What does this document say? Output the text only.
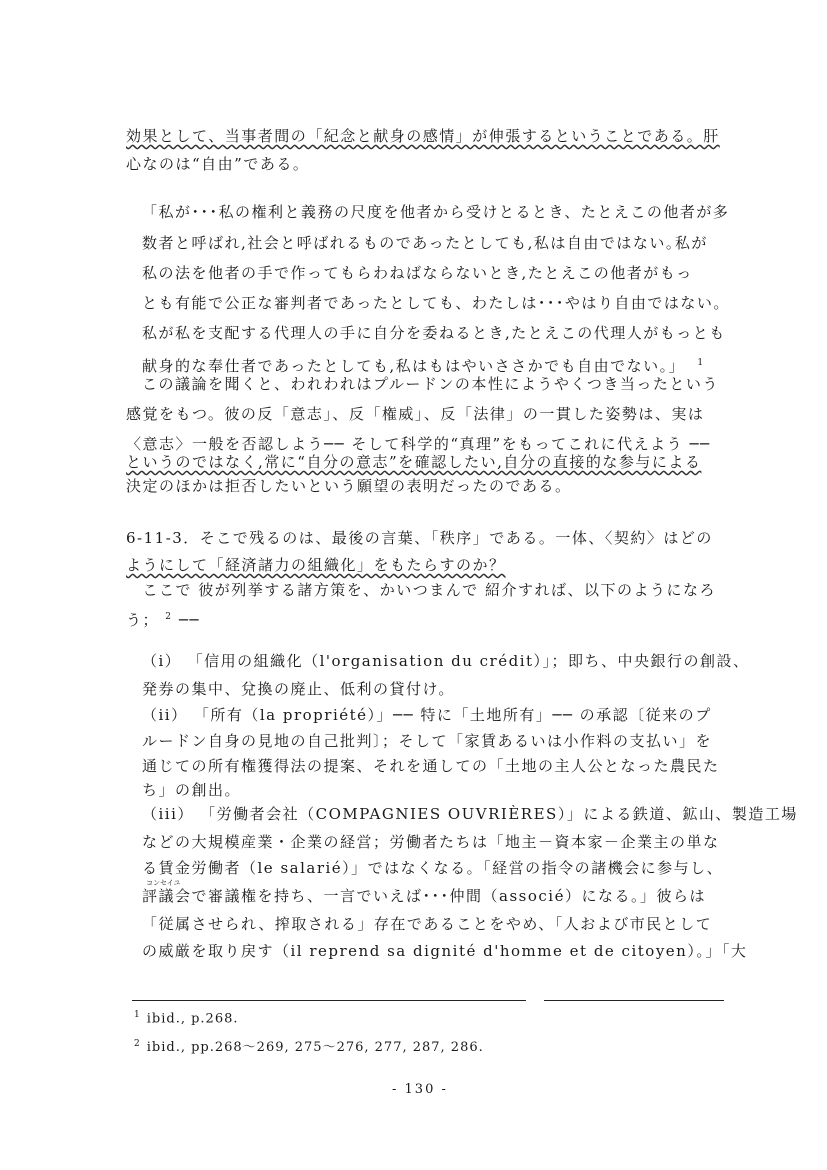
効果として、当事者間の「紀念と献身の感情」が伸張するということである。肝
心なのは“自由”である。
「私が･･･私の権利と義務の尺度を他者から受けとるとき、たとえこの他者が多
数者と呼ばれ,社会と呼ばれるものであったとしても,私は自由ではない｡私が
私の法を他者の手で作ってもらわねばならないとき,たとえこの他者がもっ
とも有能で公正な審判者であったとしても、わたしは･･･やはり自由ではない。
私が私を支配する代理人の手に自分を委ねるとき,たとえこの代理人がもっとも
献身的な奉仕者であったとしても,私はもはやいささかでも自由でない。」 $^1$
この議論を聞くと、われわれはプルードンの本性にようやくつき当ったという
感覚をもつ。彼の反「意志」、反「権威」、反「法律」の一貫した姿勢は、実は
〈意志〉一般を否認しよう── そして科学的“真理”をもってこれに代えよう ──
というのではなく,常に“自分の意志”を確認したい,自分の直接的な参与による
決定のほかは拒否したいという願望の表明だったのである。
6-11-3．そこで残るのは、最後の言葉、「秩序」である。一体、〈契約〉はどの
ようにして「経済諸力の組織化」をもたらすのか？
　ここで 彼が列挙する諸方策を、かいつまんで 紹介すれば、以下のようになろ
う； $^2$ ──
（i） 「信用の組織化（l'organisation du crédit）」；即ち、中央銀行の創設、
発券の集中、兌換の廃止、低利の貸付け。
（ii） 「所有（la propriété）」── 特に「土地所有」── の承認〔従来のプ
ルードン自身の見地の自己批判〕；そして「家賃あるいは小作料の支払い」を
通じての所有権獲得法の提案、それを通しての「土地の主人公となった農民た
ち」の創出。
（iii） 「労働者会社（COMPAGNIES OUVRIÈRES）」による鉄道、鉱山、製造工場
などの大規模産業・企業の経営；労働者たちは「地主－資本家－企業主の単な
る賃金労働者（le salarié）」ではなくなる。「経営の指令の諸機会に参与し、
コンセイユ
評議会で審議権を持ち、一言でいえば･･･仲間（associé）になる。」彼らは
「従属させられ、搾取される」存在であることをやめ、「人および市民として
の威厳を取り戻す（il reprend sa dignité d'homme et de citoyen）。」「大
$^1$ ibid., p.268.
$^2$ ibid., pp.268～269, 275～276, 277, 287, 286.
- 130 -
